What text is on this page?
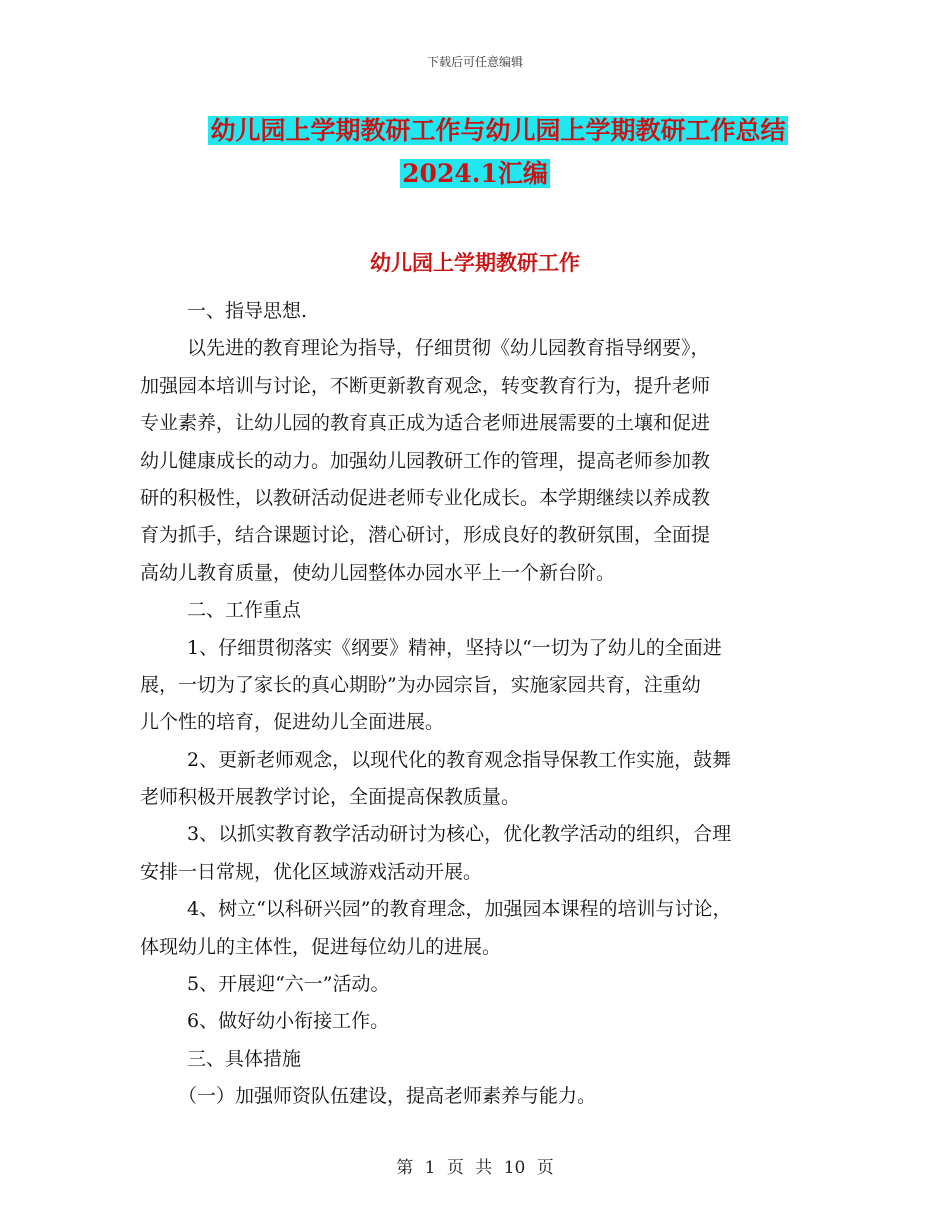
下载后可任意编辑
幼儿园上学期教研工作与幼儿园上学期教研工作总结
2024.1汇编
幼儿园上学期教研工作
一、指导思想.
以先进的教育理论为指导，仔细贯彻《幼儿园教育指导纲要》，
加强园本培训与讨论，不断更新教育观念，转变教育行为，提升老师
专业素养，让幼儿园的教育真正成为适合老师进展需要的土壤和促进
幼儿健康成长的动力。加强幼儿园教研工作的管理，提高老师参加教
研的积极性，以教研活动促进老师专业化成长。本学期继续以养成教
育为抓手，结合课题讨论，潜心研讨，形成良好的教研氛围，全面提
高幼儿教育质量，使幼儿园整体办园水平上一个新台阶。
二、工作重点
1、仔细贯彻落实《纲要》精神，坚持以“一切为了幼儿的全面进
展，一切为了家长的真心期盼”为办园宗旨，实施家园共育，注重幼
儿个性的培育，促进幼儿全面进展。
2、更新老师观念，以现代化的教育观念指导保教工作实施，鼓舞
老师积极开展教学讨论，全面提高保教质量。
3、以抓实教育教学活动研讨为核心，优化教学活动的组织，合理
安排一日常规，优化区域游戏活动开展。
4、树立“以科研兴园”的教育理念，加强园本课程的培训与讨论，
体现幼儿的主体性，促进每位幼儿的进展。
5、开展迎“六一”活动。
6、做好幼小衔接工作。
三、具体措施
（一）加强师资队伍建设，提高老师素养与能力。
第 1 页 共 10 页
